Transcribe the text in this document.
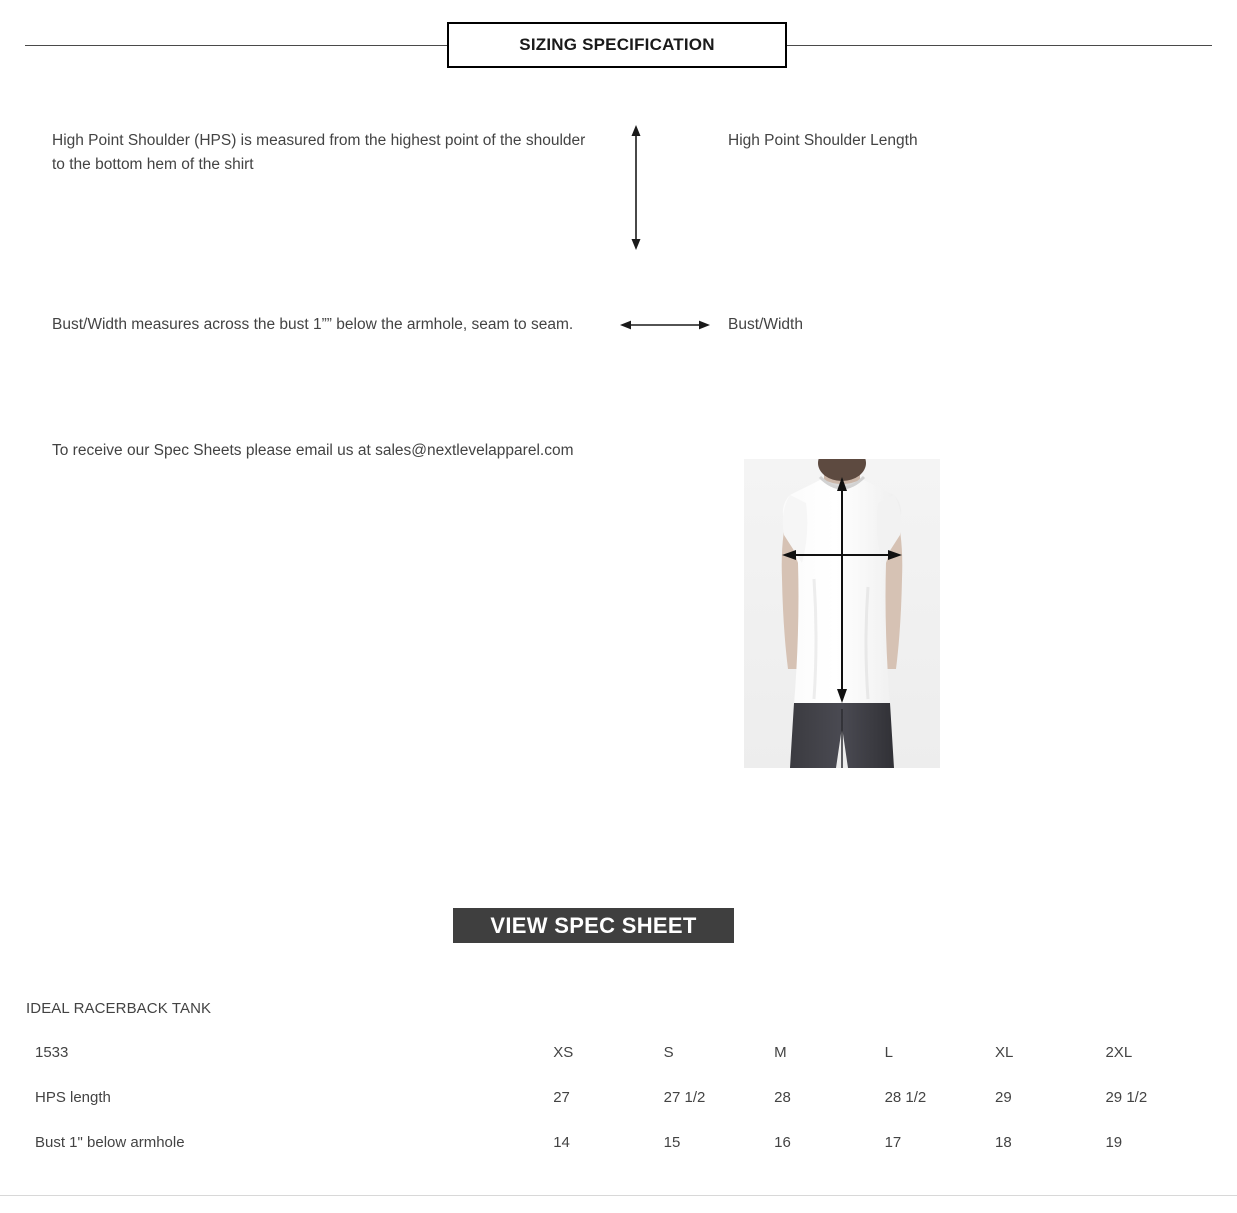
SIZING SPECIFICATION
High Point Shoulder (HPS) is measured from the highest point of the shoulder to the bottom hem of the shirt
High Point Shoulder Length
Bust/Width measures across the bust 1”” below the armhole, seam to seam.	Bust/Width
To receive our Spec Sheets please email us at sales@nextlevelapparel.com
VIEW SPEC SHEET
IDEAL RACERBACK TANK
1533	XS	S	M	L	XL	2XL
HPS length	27	27 1/2	28	28 1/2	29	29 1/2
Bust 1" below armhole	14	15	16	17	18	19
